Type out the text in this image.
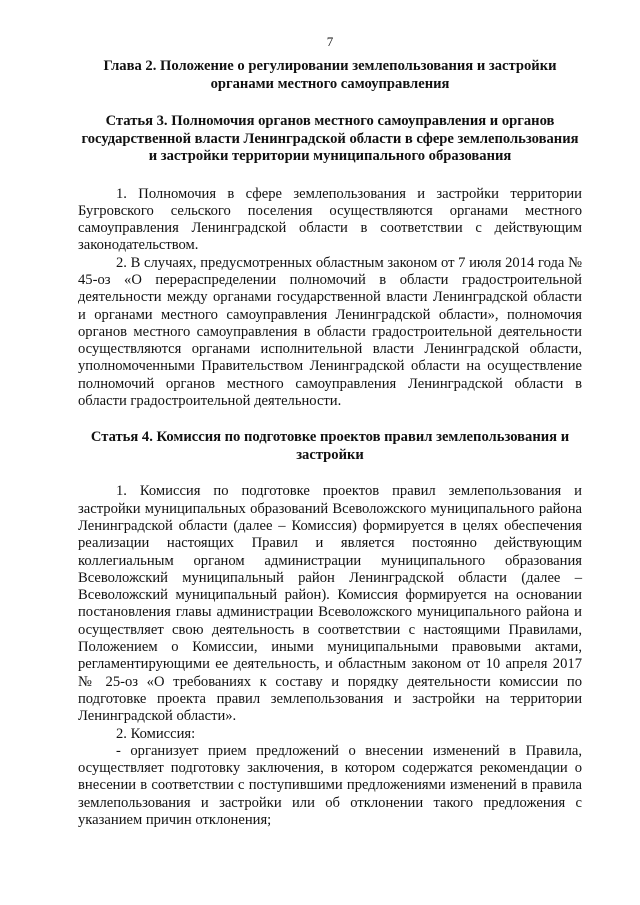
7
Глава 2. Положение о регулировании землепользования и застройки органами местного самоуправления
Статья 3. Полномочия органов местного самоуправления и органов государственной власти Ленинградской области в сфере землепользования и застройки территории муниципального образования

1. Полномочия в сфере землепользования и застройки территории Бугровского сельского поселения осуществляются органами местного самоуправления Ленинградской области в соответствии с действующим законодательством.

2. В случаях, предусмотренных областным законом от 7 июля 2014 года № 45-оз «О перераспределении полномочий в области градостроительной деятельности между органами государственной власти Ленинградской области и органами местного самоуправления Ленинградской области», полномочия органов местного самоуправления в области градостроительной деятельности осуществляются органами исполнительной власти Ленинградской области, уполномоченными Правительством Ленинградской области на осуществление полномочий органов местного самоуправления Ленинградской области в области градостроительной деятельности.

Статья 4. Комиссия по подготовке проектов правил землепользования и застройки

1. Комиссия по подготовке проектов правил землепользования и застройки муниципальных образований Всеволожского муниципального района Ленинградской области (далее – Комиссия) формируется в целях обеспечения реализации настоящих Правил и является постоянно действующим коллегиальным органом администрации муниципального образования Всеволожский муниципальный район Ленинградской области (далее – Всеволожский муниципальный район). Комиссия формируется на основании постановления главы администрации Всеволожского муниципального района и осуществляет свою деятельность в соответствии с настоящими Правилами, Положением о Комиссии, иными муниципальными правовыми актами, регламентирующими ее деятельность, и областным законом от 10 апреля 2017 № 25-оз «О требованиях к составу и порядку деятельности комиссии по подготовке проекта правил землепользования и застройки на территории Ленинградской области».

2. Комиссия:

- организует прием предложений о внесении изменений в Правила, осуществляет подготовку заключения, в котором содержатся рекомендации о внесении в соответствии с поступившими предложениями изменений в правила землепользования и застройки или об отклонении такого предложения с указанием причин отклонения;
